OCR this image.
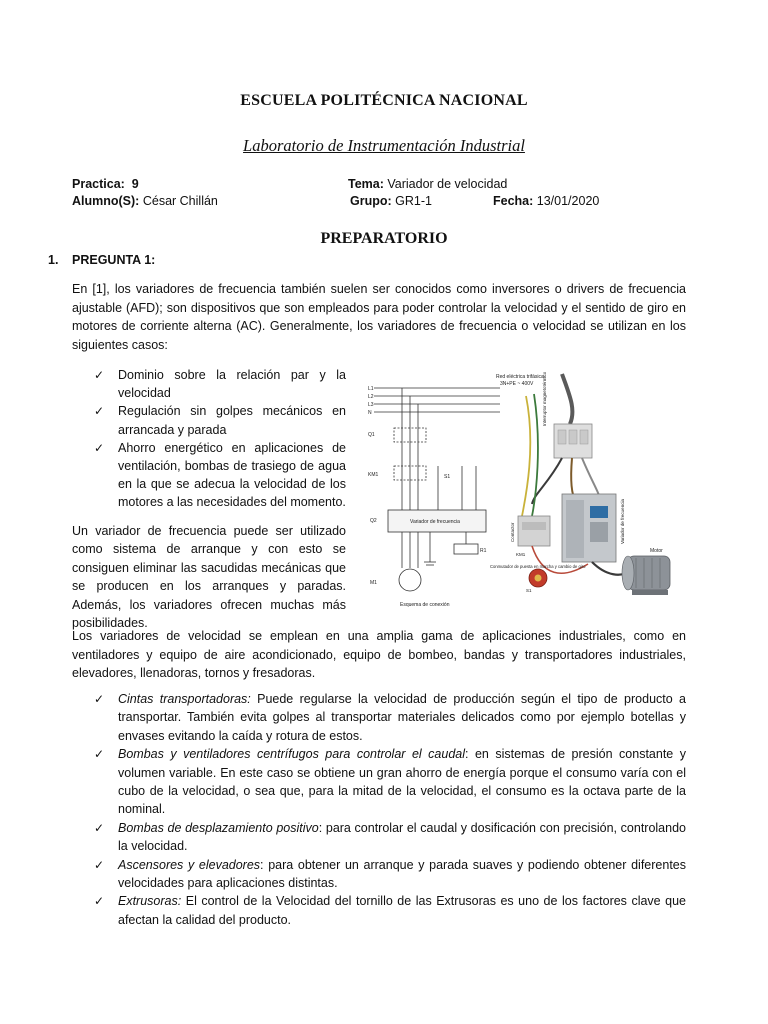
ESCUELA POLITÉCNICA NACIONAL
Laboratorio de Instrumentación Industrial
Practica: 9	Tema: Variador de velocidad
Alumno(S): César Chillán	Grupo: GR1-1	Fecha: 13/01/2020
PREPARATORIO
1. PREGUNTA 1:
En [1], los variadores de frecuencia también suelen ser conocidos como inversores o drivers de frecuencia ajustable (AFD); son dispositivos que son empleados para poder controlar la velocidad y el sentido de giro en motores de corriente alterna (AC). Generalmente, los variadores de frecuencia o velocidad se utilizan en los siguientes casos:
✓ Dominio sobre la relación par y la velocidad
✓ Regulación sin golpes mecánicos en arrancada y parada
✓ Ahorro energético en aplicaciones de ventilación, bombas de trasiego de agua en la que se adecua la velocidad de los motores a las necesidades del momento.
Un variador de frecuencia puede ser utilizado como sistema de arranque y con esto se consiguen eliminar las sacudidas mecánicas que se producen en los arranques y paradas. Además, los variadores ofrecen muchas más posibilidades.
L1
L2
L3
N
Q1
KM1
Q2
M1
S1
R1
Variador de frecuencia
Esquema de conexión
Red eléctrica trifásica
3N+PE ~ 400V Interruptor magnetotérmico
Contactor
KM1
Variador de frecuencia
Conmutador de puesta en marcha y cambio de giro
S1
Motor
Los variadores de velocidad se emplean en una amplia gama de aplicaciones industriales, como en ventiladores y equipo de aire acondicionado, equipo de bombeo, bandas y transportadores industriales, elevadores, llenadoras, tornos y fresadoras.
✓ Cintas transportadoras: Puede regularse la velocidad de producción según el tipo de producto a transportar. También evita golpes al transportar materiales delicados como por ejemplo botellas y envases evitando la caída y rotura de estos.
✓ Bombas y ventiladores centrífugos para controlar el caudal: en sistemas de presión constante y volumen variable. En este caso se obtiene un gran ahorro de energía porque el consumo varía con el cubo de la velocidad, o sea que, para la mitad de la velocidad, el consumo es la octava parte de la nominal.
✓ Bombas de desplazamiento positivo: para controlar el caudal y dosificación con precisión, controlando la velocidad.
✓ Ascensores y elevadores: para obtener un arranque y parada suaves y podiendo obtener diferentes velocidades para aplicaciones distintas.
✓ Extrusoras: El control de la Velocidad del tornillo de las Extrusoras es uno de los factores clave que afectan la calidad del producto.
